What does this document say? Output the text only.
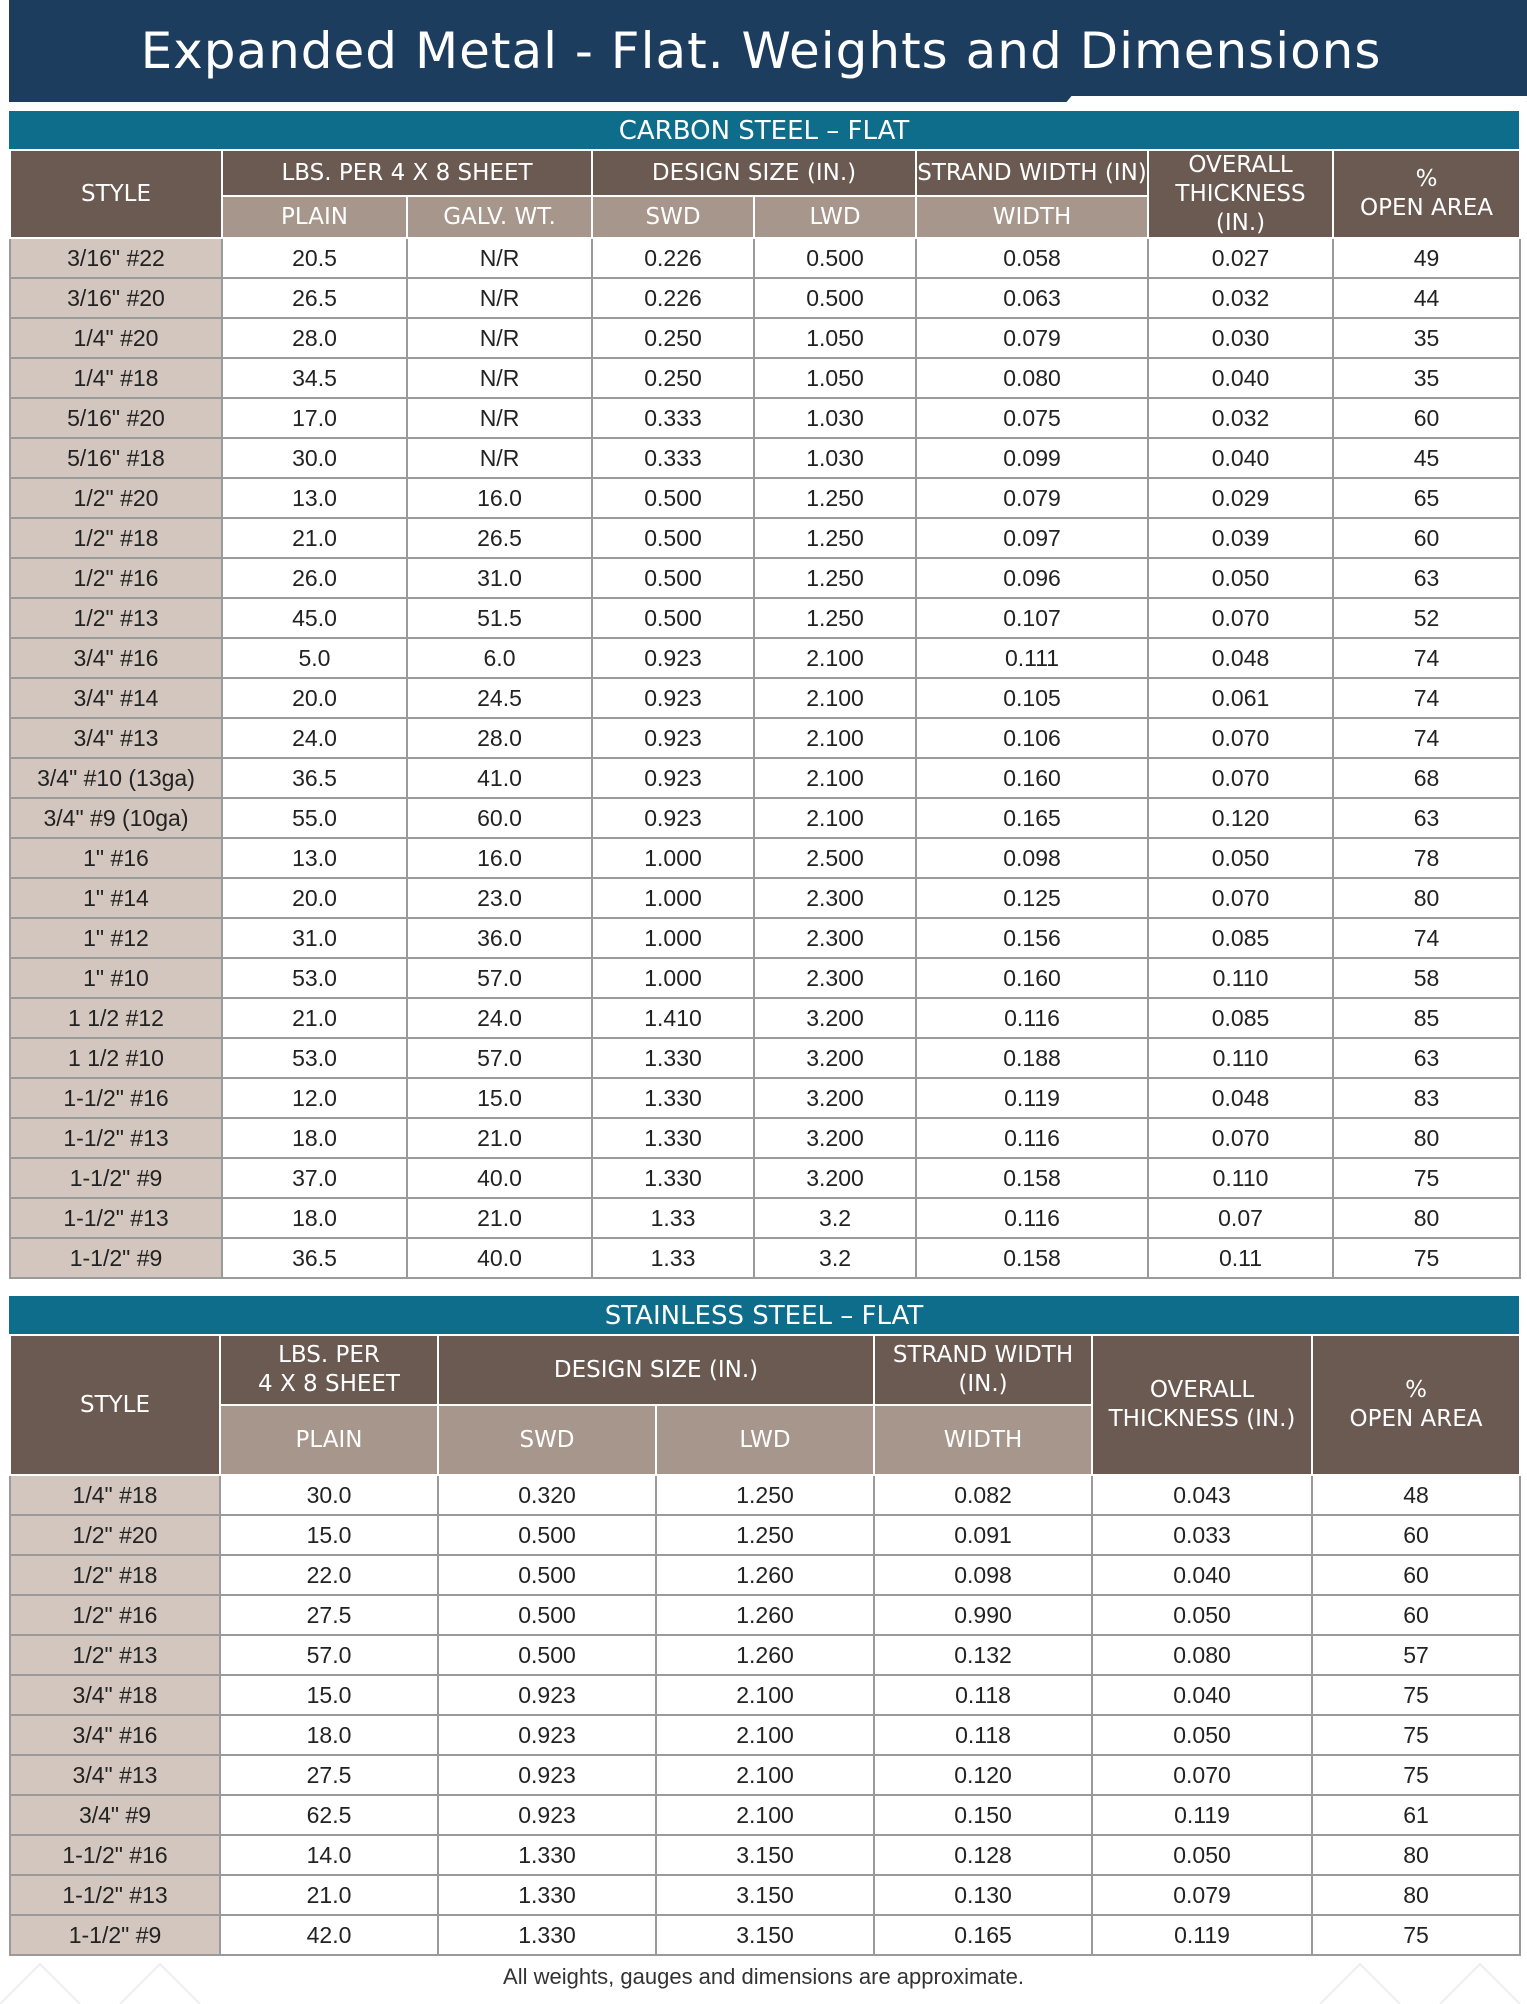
Expanded Metal - Flat. Weights and Dimensions
CARBON STEEL – FLAT
STYLE	LBS. PER 4 X 8 SHEET		DESIGN SIZE (IN.)		STRAND WIDTH (IN)	OVERALL
THICKNESS (IN.)	%
OPEN AREA
	PLAIN	GALV. WT.	SWD	LWD	WIDTH		
3/16" #22	20.5	N/R	0.226	0.500	0.058	0.027	49
3/16" #20	26.5	N/R	0.226	0.500	0.063	0.032	44
1/4" #20	28.0	N/R	0.250	1.050	0.079	0.030	35
1/4" #18	34.5	N/R	0.250	1.050	0.080	0.040	35
5/16" #20	17.0	N/R	0.333	1.030	0.075	0.032	60
5/16" #18	30.0	N/R	0.333	1.030	0.099	0.040	45
1/2" #20	13.0	16.0	0.500	1.250	0.079	0.029	65
1/2" #18	21.0	26.5	0.500	1.250	0.097	0.039	60
1/2" #16	26.0	31.0	0.500	1.250	0.096	0.050	63
1/2" #13	45.0	51.5	0.500	1.250	0.107	0.070	52
3/4" #16	5.0	6.0	0.923	2.100	0.111	0.048	74
3/4" #14	20.0	24.5	0.923	2.100	0.105	0.061	74
3/4" #13	24.0	28.0	0.923	2.100	0.106	0.070	74
3/4" #10 (13ga)	36.5	41.0	0.923	2.100	0.160	0.070	68
3/4" #9 (10ga)	55.0	60.0	0.923	2.100	0.165	0.120	63
1" #16	13.0	16.0	1.000	2.500	0.098	0.050	78
1" #14	20.0	23.0	1.000	2.300	0.125	0.070	80
1" #12	31.0	36.0	1.000	2.300	0.156	0.085	74
1" #10	53.0	57.0	1.000	2.300	0.160	0.110	58
1 1/2 #12	21.0	24.0	1.410	3.200	0.116	0.085	85
1 1/2 #10	53.0	57.0	1.330	3.200	0.188	0.110	63
1-1/2" #16	12.0	15.0	1.330	3.200	0.119	0.048	83
1-1/2" #13	18.0	21.0	1.330	3.200	0.116	0.070	80
1-1/2" #9	37.0	40.0	1.330	3.200	0.158	0.110	75
1-1/2" #13	18.0	21.0	1.33	3.2	0.116	0.07	80
1-1/2" #9	36.5	40.0	1.33	3.2	0.158	0.11	75
STAINLESS STEEL – FLAT
STYLE	LBS. PER
4 X 8 SHEET	DESIGN SIZE (IN.)		STRAND WIDTH
(IN.)	OVERALL
THICKNESS (IN.)	%
OPEN AREA
	PLAIN	SWD	LWD	WIDTH		
1/4" #18	30.0	0.320	1.250	0.082	0.043	48
1/2" #20	15.0	0.500	1.250	0.091	0.033	60
1/2" #18	22.0	0.500	1.260	0.098	0.040	60
1/2" #16	27.5	0.500	1.260	0.990	0.050	60
1/2" #13	57.0	0.500	1.260	0.132	0.080	57
3/4" #18	15.0	0.923	2.100	0.118	0.040	75
3/4" #16	18.0	0.923	2.100	0.118	0.050	75
3/4" #13	27.5	0.923	2.100	0.120	0.070	75
3/4" #9	62.5	0.923	2.100	0.150	0.119	61
1-1/2" #16	14.0	1.330	3.150	0.128	0.050	80
1-1/2" #13	21.0	1.330	3.150	0.130	0.079	80
1-1/2" #9	42.0	1.330	3.150	0.165	0.119	75
All weights, gauges and dimensions are approximate.
